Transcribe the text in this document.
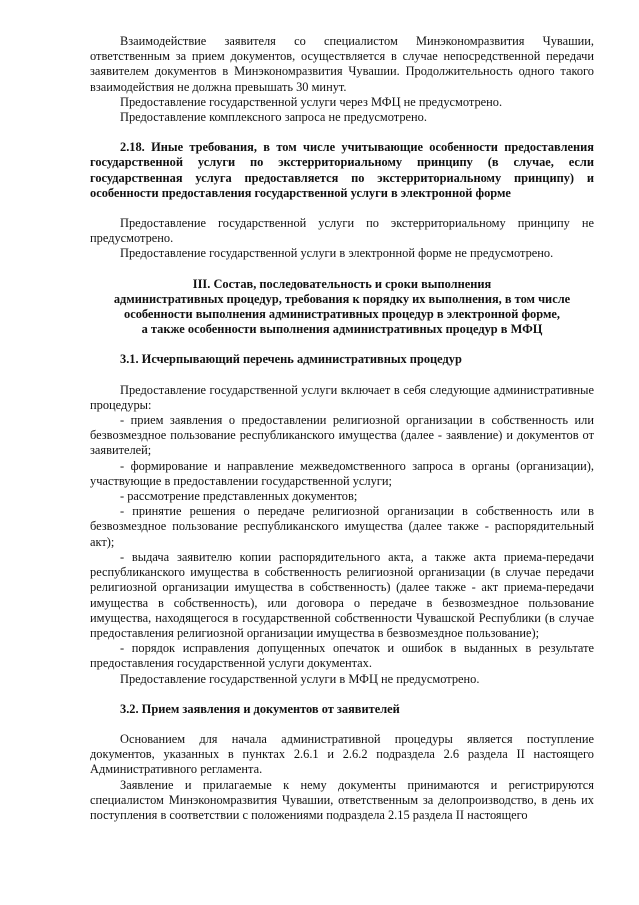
Взаимодействие заявителя со специалистом Минэкономразвития Чувашии, ответственным за прием документов, осуществляется в случае непосредственной передачи заявителем документов в Минэкономразвития Чувашии. Продолжительность одного такого взаимодействия не должна превышать 30 минут.

Предоставление государственной услуги через МФЦ не предусмотрено.

Предоставление комплексного запроса не предусмотрено.

2.18. Иные требования, в том числе учитывающие особенности предоставления государственной услуги по экстерриториальному принципу (в случае, если государственная услуга предоставляется по экстерриториальному принципу) и особенности предоставления государственной услуги в электронной форме

Предоставление государственной услуги по экстерриториальному принципу не предусмотрено.

Предоставление государственной услуги в электронной форме не предусмотрено.

III. Состав, последовательность и сроки выполнения

административных процедур, требования к порядку их выполнения, в том числе

особенности выполнения административных процедур в электронной форме,

а также особенности выполнения административных процедур в МФЦ

3.1. Исчерпывающий перечень административных процедур

Предоставление государственной услуги включает в себя следующие административные процедуры:

- прием заявления о предоставлении религиозной организации в собственность или безвозмездное пользование республиканского имущества (далее - заявление) и документов от заявителей;

- формирование и направление межведомственного запроса в органы (организации), участвующие в предоставлении государственной услуги;

- рассмотрение представленных документов;

- принятие решения о передаче религиозной организации в собственность или в безвозмездное пользование республиканского имущества (далее также - распорядительный акт);

- выдача заявителю копии распорядительного акта, а также акта приема-передачи республиканского имущества в собственность религиозной организации (в случае передачи религиозной организации имущества в собственность) (далее также - акт приема-передачи имущества в собственность), или договора о передаче в безвозмездное пользование имущества, находящегося в государственной собственности Чувашской Республики (в случае предоставления религиозной организации имущества в безвозмездное пользование);

- порядок исправления допущенных опечаток и ошибок в выданных в результате предоставления государственной услуги документах.

Предоставление государственной услуги в МФЦ не предусмотрено.

3.2. Прием заявления и документов от заявителей

Основанием для начала административной процедуры является поступление документов, указанных в пунктах 2.6.1 и 2.6.2 подраздела 2.6 раздела II настоящего Административного регламента.

Заявление и прилагаемые к нему документы принимаются и регистрируются специалистом Минэкономразвития Чувашии, ответственным за делопроизводство, в день их поступления в соответствии с положениями подраздела 2.15 раздела II настоящего
